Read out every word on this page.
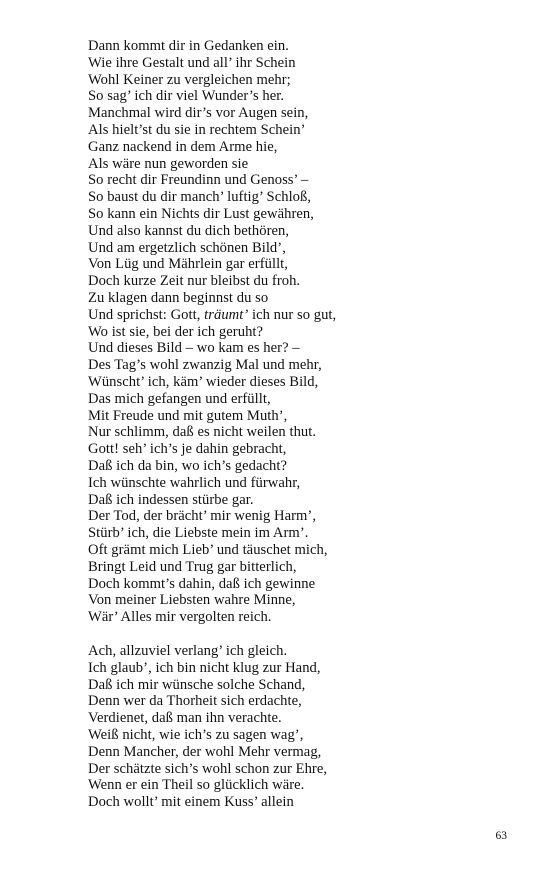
Dann kommt dir in Gedanken ein.
Wie ihre Gestalt und all’ ihr Schein
Wohl Keiner zu vergleichen mehr;
So sag’ ich dir viel Wunder’s her.
Manchmal wird dir’s vor Augen sein,
Als hielt’st du sie in rechtem Schein’
Ganz nackend in dem Arme hie,
Als wäre nun geworden sie
So recht dir Freundinn und Genoss’ –
So baust du dir manch’ luftig’ Schloß,
So kann ein Nichts dir Lust gewähren,
Und also kannst du dich bethören,
Und am ergetzlich schönen Bild’,
Von Lüg und Mährlein gar erfüllt,
Doch kurze Zeit nur bleibst du froh.
Zu klagen dann beginnst du so
Und sprichst: Gott, träumt’ ich nur so gut,
Wo ist sie, bei der ich geruht?
Und dieses Bild – wo kam es her? –
Des Tag’s wohl zwanzig Mal und mehr,
Wünscht’ ich, käm’ wieder dieses Bild,
Das mich gefangen und erfüllt,
Mit Freude und mit gutem Muth’,
Nur schlimm, daß es nicht weilen thut.
Gott! seh’ ich’s je dahin gebracht,
Daß ich da bin, wo ich’s gedacht?
Ich wünschte wahrlich und fürwahr,
Daß ich indessen stürbe gar.
Der Tod, der brächt’ mir wenig Harm’,
Stürb’ ich, die Liebste mein im Arm’.
Oft grämt mich Lieb’ und täuschet mich,
Bringt Leid und Trug gar bitterlich,
Doch kommt’s dahin, daß ich gewinne
Von meiner Liebsten wahre Minne,
Wär’ Alles mir vergolten reich.
Ach, allzuviel verlang’ ich gleich.
Ich glaub’, ich bin nicht klug zur Hand,
Daß ich mir wünsche solche Schand,
Denn wer da Thorheit sich erdachte,
Verdienet, daß man ihn verachte.
Weiß nicht, wie ich’s zu sagen wag’,
Denn Mancher, der wohl Mehr vermag,
Der schätzte sich’s wohl schon zur Ehre,
Wenn er ein Theil so glücklich wäre.
Doch wollt’ mit einem Kuss’ allein
63
